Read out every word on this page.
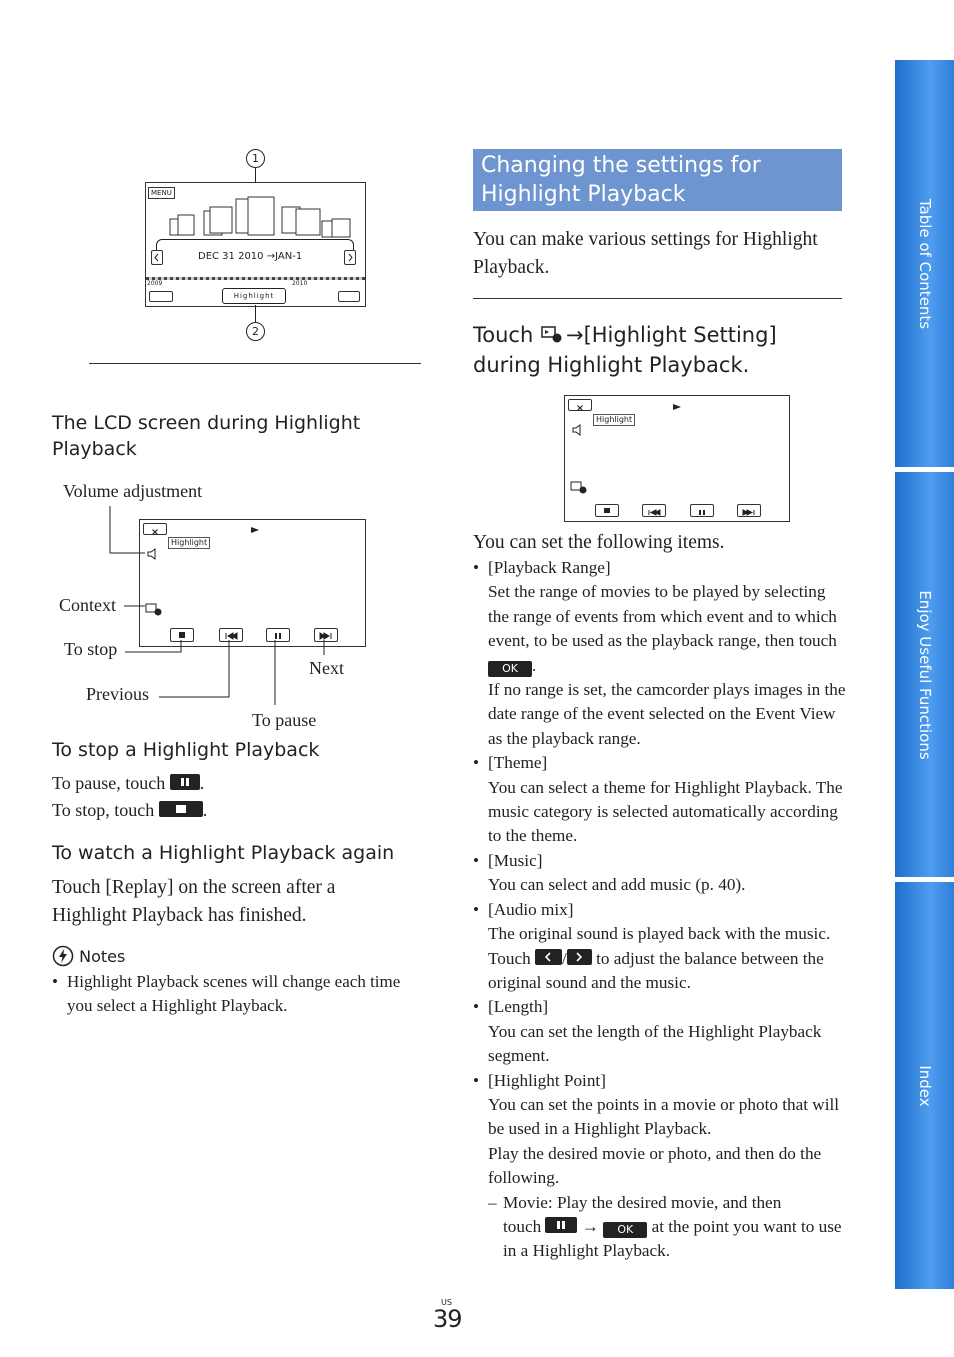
Table of Contents
Enjoy Useful Functions
Index
1
MENU
DEC 31 2010 →JAN-1
2009	2010
Highlight
2
The LCD screen during Highlight Playback
Highlight
Volume adjustment
Context
To stop
Next
Previous
To pause
To stop a Highlight Playback
To pause, touch .
To stop, touch	.
To watch a Highlight Playback again
Touch [Replay] on the screen after a Highlight Playback has finished.
Notes
• Highlight Playback scenes will change each time you select a Highlight Playback.
Changing the settings for Highlight Playback
You can make various settings for Highlight Playback.
Touch →[Highlight Setting]
during Highlight Playback.
Highlight
You can set the following items.
• [Playback Range]
Set the range of movies to be played by selecting the range of events from which event and to which event, to be used as the playback range, then touch OK .
If no range is set, the camcorder plays images in the date range of the event selected on the Event View as the playback range.
• [Theme]
You can select a theme for Highlight Playback. The music category is selected automatically according to the theme.
• [Music]
You can select and add music (p. 40).
• [Audio mix]
The original sound is played back with the music.
Touch / to adjust the balance between the original sound and the music.
• [Length]
You can set the length of the Highlight Playback segment.
• [Highlight Point]
You can set the points in a movie or photo that will be used in a Highlight Playback.
Play the desired movie or photo, and then do the following.
– Movie: Play the desired movie, and then
touch → OK at the point you want to use in a Highlight Playback.
US
39
